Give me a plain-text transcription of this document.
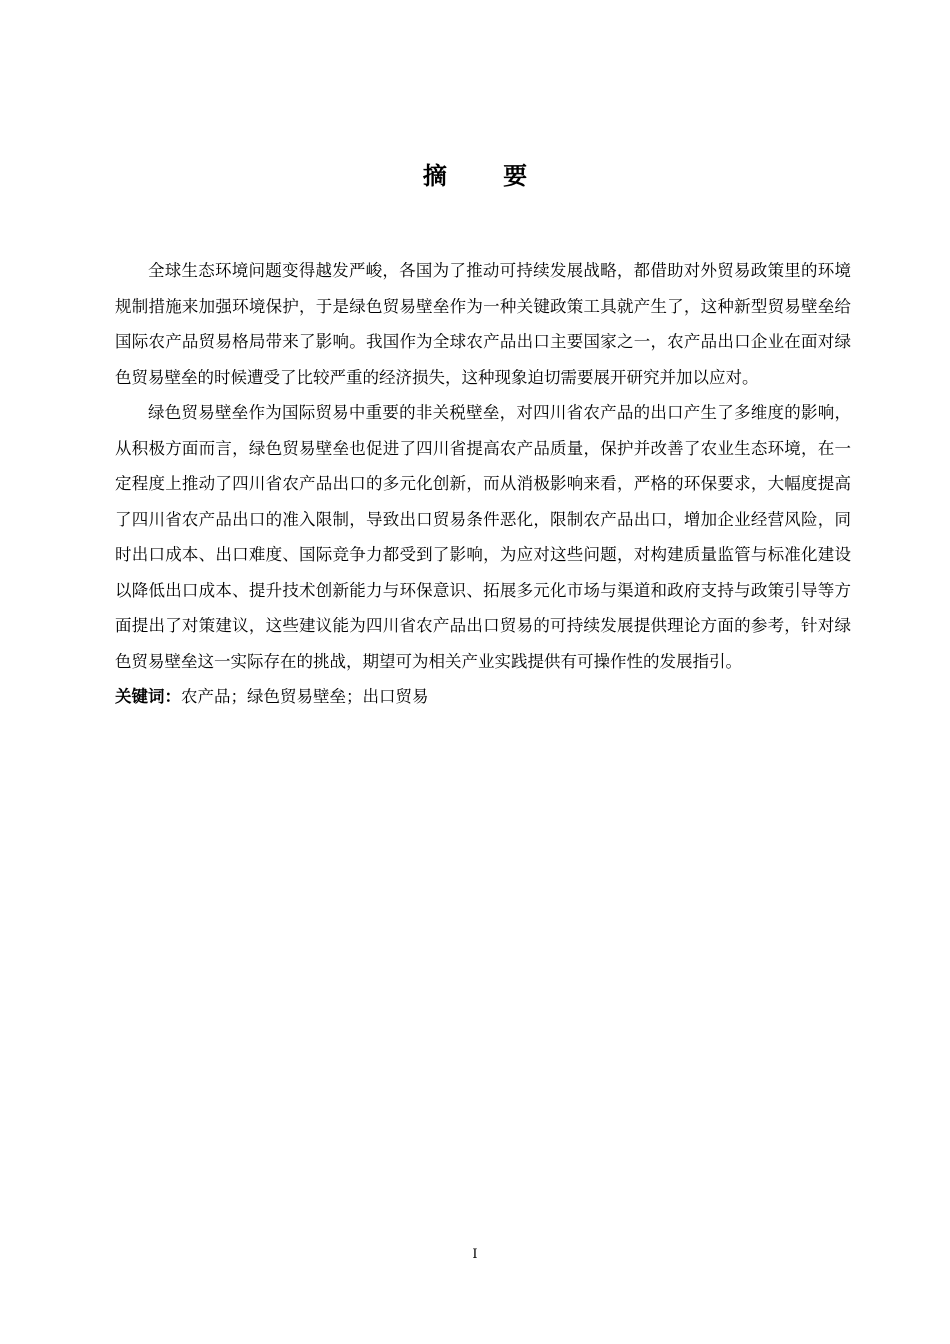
摘 要

全球生态环境问题变得越发严峻，各国为了推动可持续发展战略，都借助对外贸易政策里的环境规制措施来加强环境保护，于是绿色贸易壁垒作为一种关键政策工具就产生了，这种新型贸易壁垒给国际农产品贸易格局带来了影响。我国作为全球农产品出口主要国家之一，农产品出口企业在面对绿色贸易壁垒的时候遭受了比较严重的经济损失，这种现象迫切需要展开研究并加以应对。

绿色贸易壁垒作为国际贸易中重要的非关税壁垒，对四川省农产品的出口产生了多维度的影响，从积极方面而言，绿色贸易壁垒也促进了四川省提高农产品质量，保护并改善了农业生态环境，在一定程度上推动了四川省农产品出口的多元化创新，而从消极影响来看，严格的环保要求，大幅度提高了四川省农产品出口的准入限制，导致出口贸易条件恶化，限制农产品出口，增加企业经营风险，同时出口成本、出口难度、国际竞争力都受到了影响，为应对这些问题，对构建质量监管与标准化建设以降低出口成本、提升技术创新能力与环保意识、拓展多元化市场与渠道和政府支持与政策引导等方面提出了对策建议，这些建议能为四川省农产品出口贸易的可持续发展提供理论方面的参考，针对绿色贸易壁垒这一实际存在的挑战，期望可为相关产业实践提供有可操作性的发展指引。

关键词：农产品；绿色贸易壁垒；出口贸易

I
